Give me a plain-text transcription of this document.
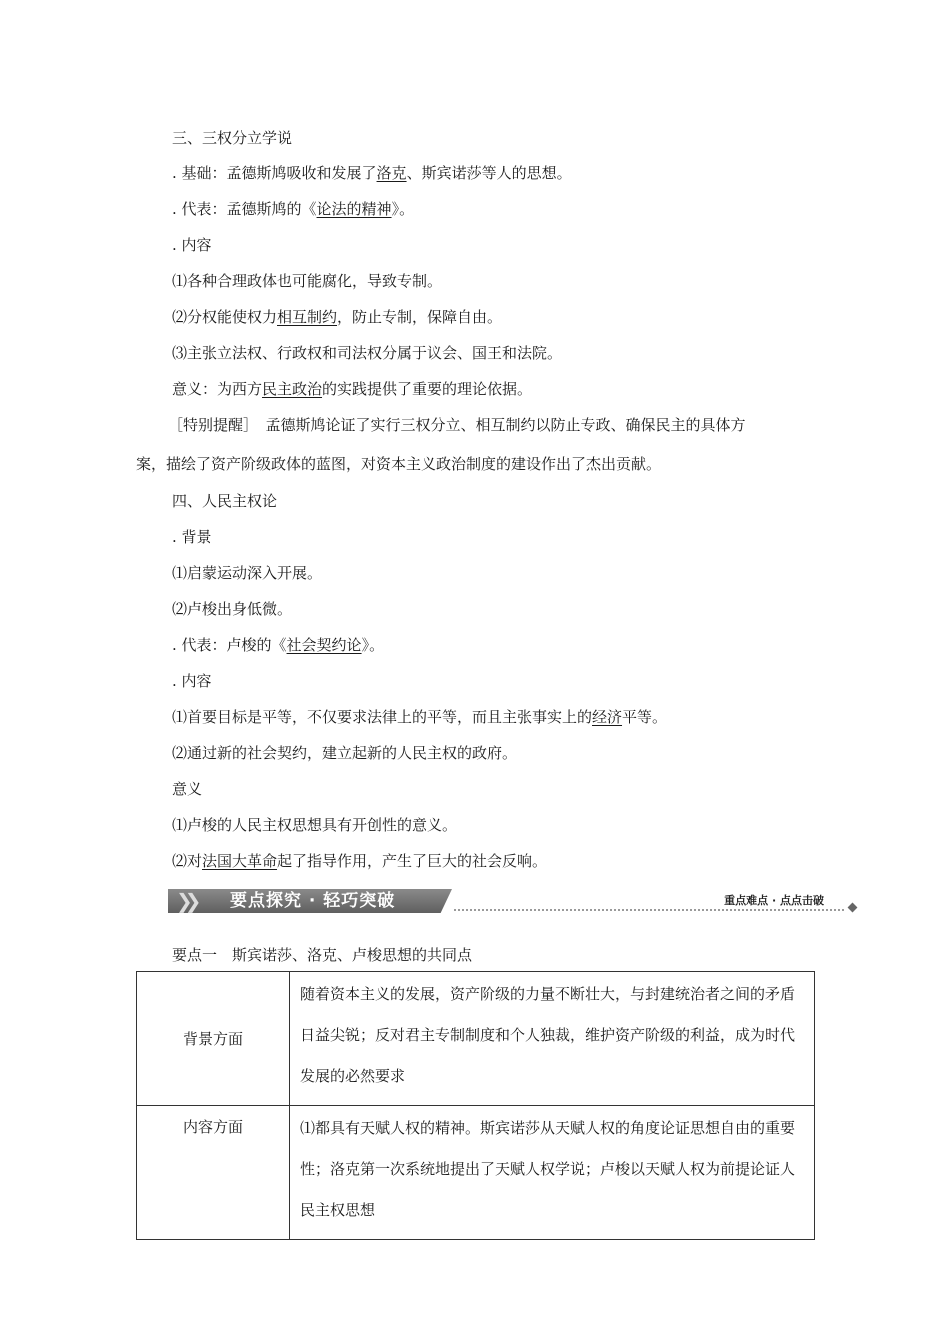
三、三权分立学说
. 基础：孟德斯鸠吸收和发展了洛克、斯宾诺莎等人的思想。
. 代表：孟德斯鸠的《论法的精神》。
. 内容
⑴各种合理政体也可能腐化，导致专制。
⑵分权能使权力相互制约，防止专制，保障自由。
⑶主张立法权、行政权和司法权分属于议会、国王和法院。
意义：为西方民主政治的实践提供了重要的理论依据。
［特别提醒］　孟德斯鸠论证了实行三权分立、相互制约以防止专政、确保民主的具体方
案，描绘了资产阶级政体的蓝图，对资本主义政治制度的建设作出了杰出贡献。
四、人民主权论
. 背景
⑴启蒙运动深入开展。
⑵卢梭出身低微。
. 代表：卢梭的《社会契约论》。
. 内容
⑴首要目标是平等，不仅要求法律上的平等，而且主张事实上的经济平等。
⑵通过新的社会契约，建立起新的人民主权的政府。
意义
⑴卢梭的人民主权思想具有开创性的意义。
⑵对法国大革命起了指导作用，产生了巨大的社会反响。
❯❯ 要点探究 · 轻巧突破	重点难点 · 点点击破
要点一　斯宾诺莎、洛克、卢梭思想的共同点
背景方面	随着资本主义的发展，资产阶级的力量不断壮大，与封建统治者之间的矛盾日益尖锐；反对君主专制制度和个人独裁，维护资产阶级的利益，成为时代发展的必然要求
内容方面	⑴都具有天赋人权的精神。斯宾诺莎从天赋人权的角度论证思想自由的重要性；洛克第一次系统地提出了天赋人权学说；卢梭以天赋人权为前提论证人民主权思想
